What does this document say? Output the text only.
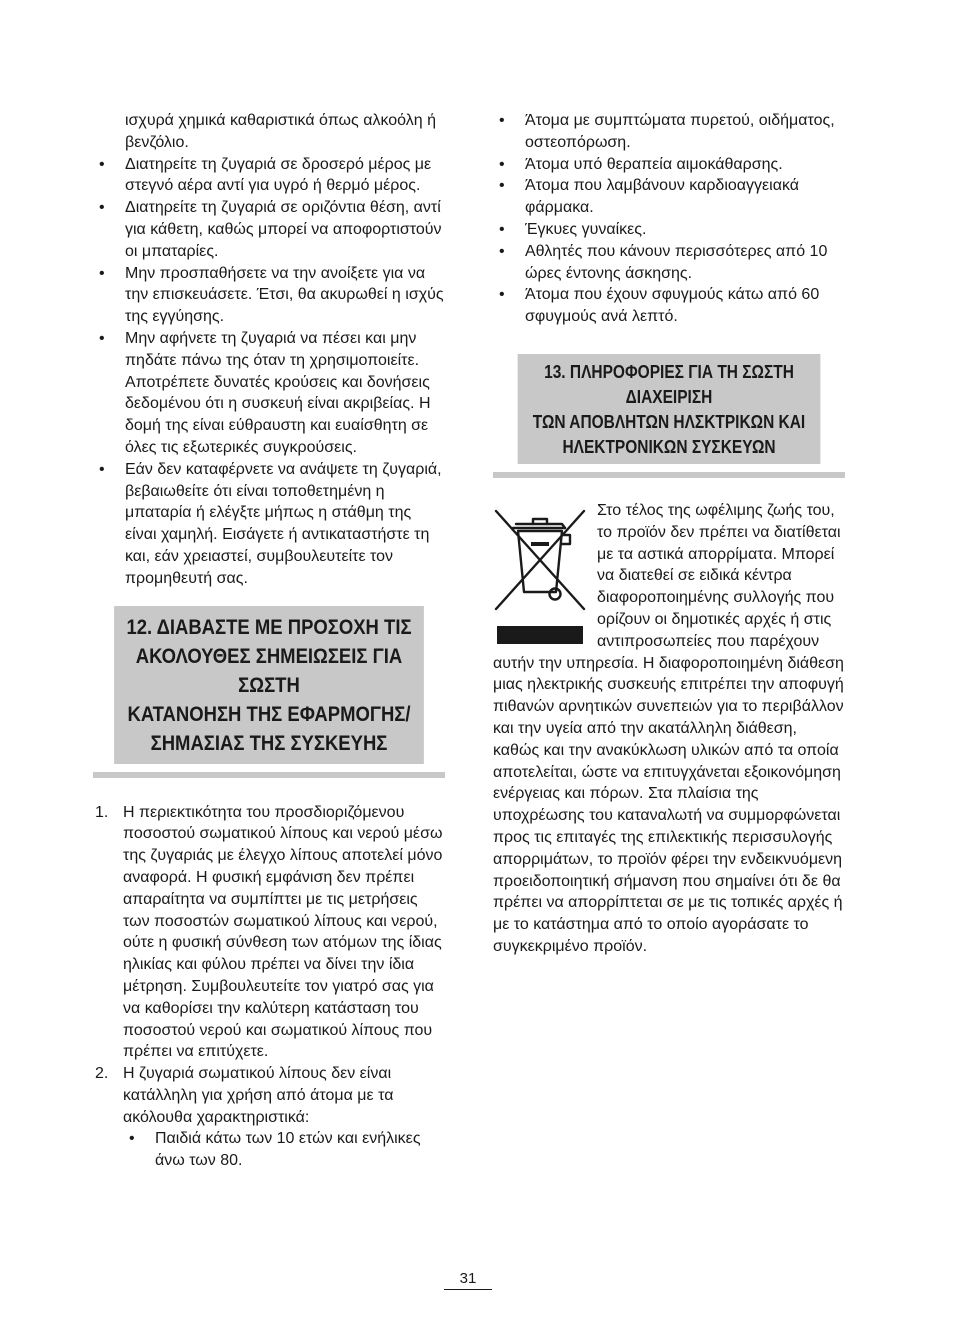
ισχυρά χημικά καθαριστικά όπως αλκοόλη ή βενζόλιο.
• Διατηρείτε τη ζυγαριά σε δροσερό μέρος με στεγνό αέρα αντί για υγρό ή θερμό μέρος.
• Διατηρείτε τη ζυγαριά σε οριζόντια θέση, αντί για κάθετη, καθώς μπορεί να αποφορτιστούν οι μπαταρίες.
• Μην προσπαθήσετε να την ανοίξετε για να την επισκευάσετε. Έτσι, θα ακυρωθεί η ισχύς της εγγύησης.
• Μην αφήνετε τη ζυγαριά να πέσει και μην πηδάτε πάνω της όταν τη χρησιμοποιείτε. Αποτρέπετε δυνατές κρούσεις και δονήσεις δεδομένου ότι η συσκευή είναι ακριβείας. Η δομή της είναι εύθραυστη και ευαίσθητη σε όλες τις εξωτερικές συγκρούσεις.
• Εάν δεν καταφέρνετε να ανάψετε τη ζυγαριά, βεβαιωθείτε ότι είναι τοποθετημένη η μπαταρία ή ελέγξτε μήπως η στάθμη της είναι χαμηλή. Εισάγετε ή αντικαταστήστε τη και, εάν χρειαστεί, συμβουλευτείτε τον προμηθευτή σας.
12. ΔΙΑΒΑΣΤΕ ΜΕ ΠΡΟΣΟΧΗ ΤΙΣ
ΑΚΟΛΟΥΘΕΣ ΣΗΜΕΙΩΣΕΙΣ ΓΙΑ ΣΩΣΤΗ
ΚΑΤΑΝΟΗΣΗ ΤΗΣ ΕΦΑΡΜΟΓΗΣ/
ΣΗΜΑΣΙΑΣ ΤΗΣ ΣΥΣΚΕΥΗΣ
1. Η περιεκτικότητα του προσδιοριζόμενου ποσοστού σωματικού λίπους και νερού μέσω της ζυγαριάς με έλεγχο λίπους αποτελεί μόνο αναφορά. Η φυσική εμφάνιση δεν πρέπει απαραίτητα να συμπίπτει με τις μετρήσεις των ποσοστών σωματικού λίπους και νερού, ούτε η φυσική σύνθεση των ατόμων της ίδιας ηλικίας και φύλου πρέπει να δίνει την ίδια μέτρηση. Συμβουλευτείτε τον γιατρό σας για να καθορίσει την καλύτερη κατάσταση του ποσοστού νερού και σωματικού λίπους που πρέπει να επιτύχετε.
2. Η ζυγαριά σωματικού λίπους δεν είναι κατάλληλη για χρήση από άτομα με τα ακόλουθα χαρακτηριστικά:
• Παιδιά κάτω των 10 ετών και ενήλικες άνω των 80.
• Άτομα με συμπτώματα πυρετού, οιδήματος, οστεοπόρωση.
• Άτομα υπό θεραπεία αιμοκάθαρσης.
• Άτομα που λαμβάνουν καρδιοαγγειακά φάρμακα.
• Έγκυες γυναίκες.
• Αθλητές που κάνουν περισσότερες από 10 ώρες έντονης άσκησης.
• Άτομα που έχουν σφυγμούς κάτω από 60 σφυγμούς ανά λεπτό.
13. ΠΛΗΡΟΦΟΡΙΕΣ ΓΙΑ ΤΗ ΣΩΣΤΗ ΔΙΑΧΕΙΡΙΣΗ
ΤΩΝ ΑΠΟΒΛΗΤΩΝ ΗΛΣΚΤΡΙΚΩΝ ΚΑΙ
ΗΛΕΚΤΡΟΝΙΚΩΝ ΣΥΣΚΕΥΩΝ
Στο τέλος της ωφέλιμης ζωής του, το προϊόν δεν πρέπει να διατίθεται με τα αστικά απορρίματα. Μπορεί να διατεθεί σε ειδικά κέντρα διαφοροποιημένης συλλογής που ορίζουν οι δημοτικές αρχές ή στις αντιπροσωπείες που παρέχουν αυτήν την υπηρεσία. Η διαφοροποιημένη διάθεση μιας ηλεκτρικής συσκευής επιτρέπει την αποφυγή πιθανών αρνητικών συνεπειών για το περιβάλλον και την υγεία από την ακατάλληλη διάθεση, καθώς και την ανακύκλωση υλικών από τα οποία αποτελείται, ώστε να επιτυγχάνεται εξοικονόμηση ενέργειας και πόρων. Στα πλαίσια της υποχρέωσης του καταναλωτή να συμμορφώνεται προς τις επιταγές της επιλεκτικής περισσυλογής απορριμάτων, το προϊόν φέρει την ενδεικνυόμενη προειδοποιητική σήμανση που σημαίνει ότι δε θα πρέπει να απορρίπτεται σε με τις τοπικές αρχές ή με το κατάστημα από το οποίο αγοράσατε το συγκεκριμένο προϊόν.
31
